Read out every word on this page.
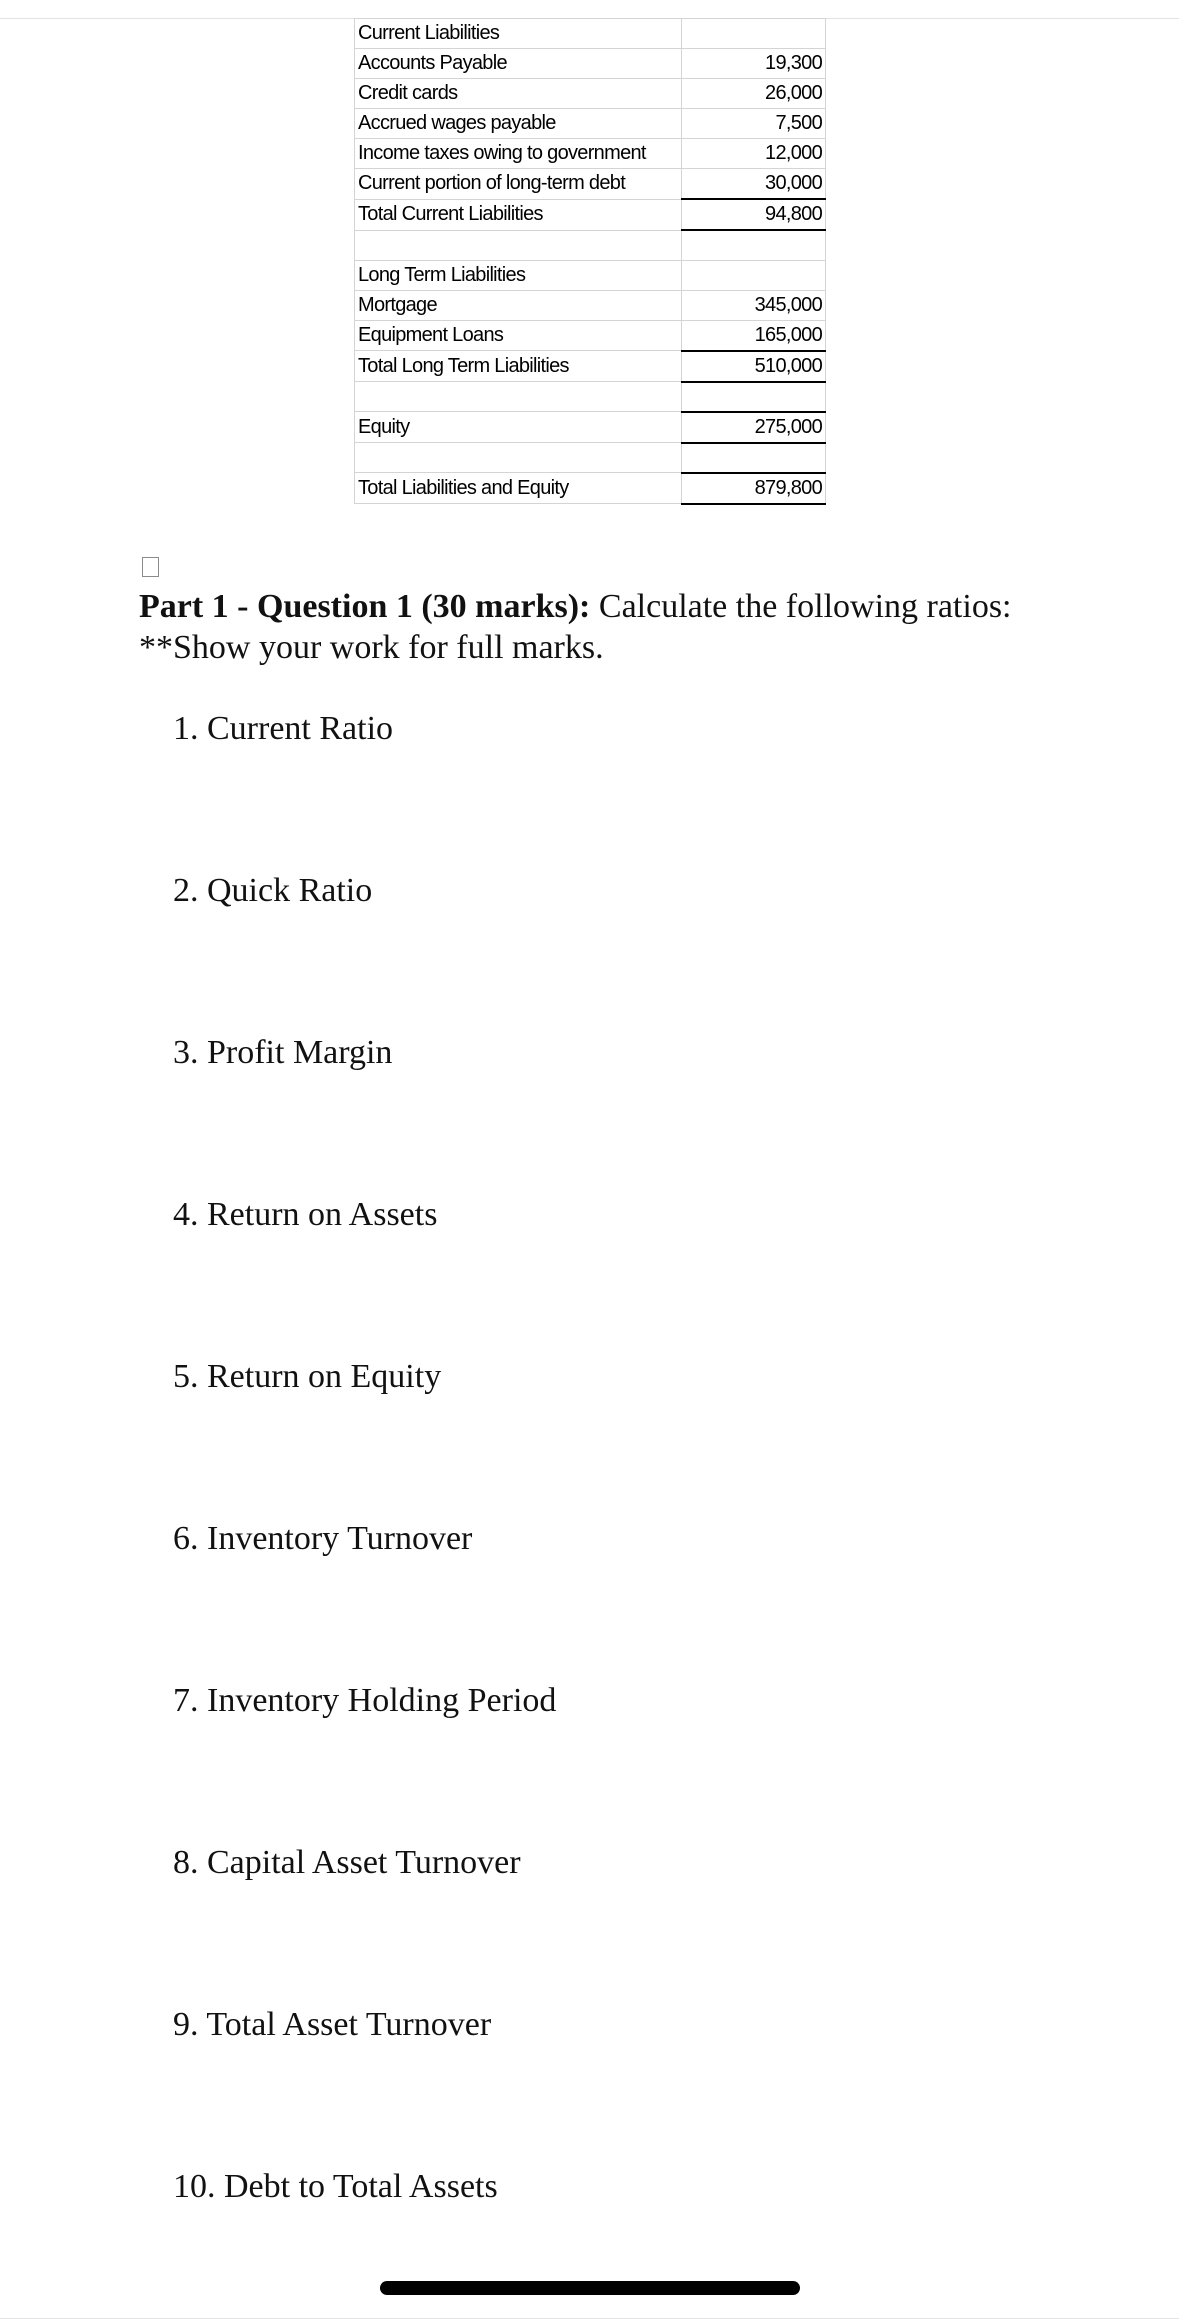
Current Liabilities	
Accounts Payable	19,300
Credit cards	26,000
Accrued wages payable	7,500
Income taxes owing to government	12,000
Current portion of long-term debt	30,000
Total Current Liabilities	94,800

Long Term Liabilities	
Mortgage	345,000
Equipment Loans	165,000
Total Long Term Liabilities	510,000

Equity	275,000

Total Liabilities and Equity	879,800
Part 1 - Question 1 (30 marks): Calculate the following ratios:
**Show your work for full marks.
1. Current Ratio
2. Quick Ratio
3. Profit Margin
4. Return on Assets
5. Return on Equity
6. Inventory Turnover
7. Inventory Holding Period
8. Capital Asset Turnover
9. Total Asset Turnover
10. Debt to Total Assets
